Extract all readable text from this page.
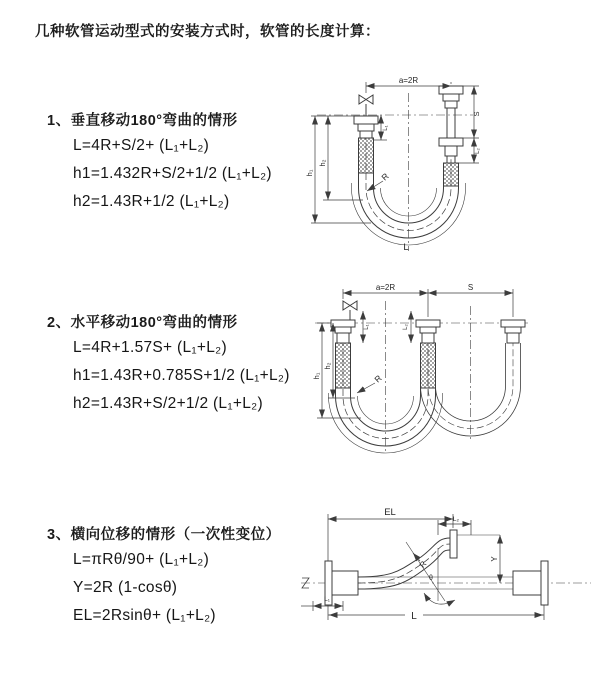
几种软管运动型式的安装方式时，软管的长度计算：
1、垂直移动180°弯曲的情形
L=4R+S/2+ (L₁+L₂)
h1=1.432R+S/2+1/2 (L₁+L₂)
h2=1.43R+1/2 (L₁+L₂)
2、水平移动180°弯曲的情形
L=4R+1.57S+ (L₁+L₂)
h1=1.43R+0.785S+1/2 (L₁+L₂)
h2=1.43R+S/2+1/2 (L₁+L₂)
3、横向位移的情形（一次性变位）
L=πRθ/90+ (L₁+L₂)
Y=2R (1-cosθ)
EL=2Rsinθ+ (L₁+L₂)
a=2R
h₁
h₂
L₁
S
L₂
R
L
a=2R	S
h₁
h₂
L₁	L₂
R
EL
L₂
Y
R
θ
L
L₁
